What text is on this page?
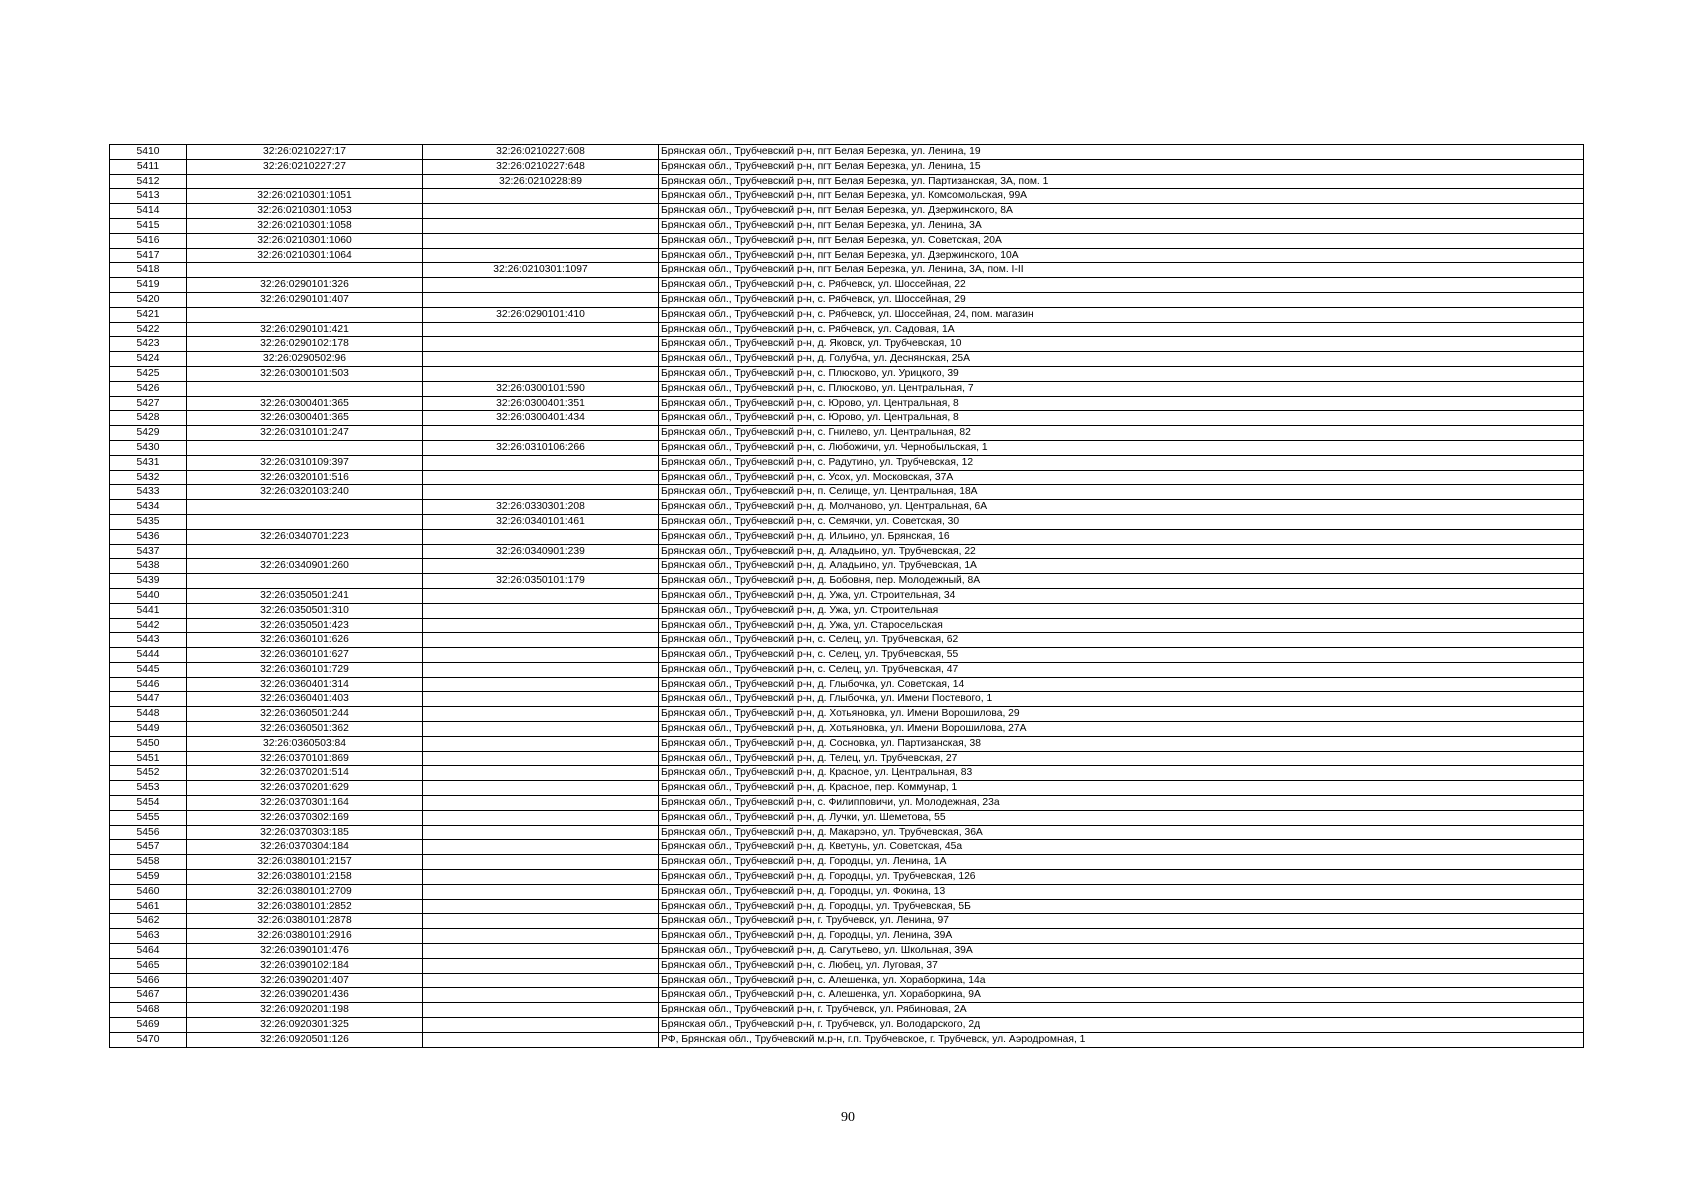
5410	32:26:0210227:17	32:26:0210227:608	Брянская обл., Трубчевский р-н, пгт Белая Березка, ул. Ленина, 19
5411	32:26:0210227:27	32:26:0210227:648	Брянская обл., Трубчевский р-н, пгт Белая Березка, ул. Ленина, 15
5412		32:26:0210228:89	Брянская обл., Трубчевский р-н, пгт Белая Березка, ул. Партизанская, 3А, пом. 1
5413	32:26:0210301:1051		Брянская обл., Трубчевский р-н, пгт Белая Березка, ул. Комсомольская, 99А
5414	32:26:0210301:1053		Брянская обл., Трубчевский р-н, пгт Белая Березка, ул. Дзержинского, 8А
5415	32:26:0210301:1058		Брянская обл., Трубчевский р-н, пгт Белая Березка, ул. Ленина, 3А
5416	32:26:0210301:1060		Брянская обл., Трубчевский р-н, пгт Белая Березка, ул. Советская, 20А
5417	32:26:0210301:1064		Брянская обл., Трубчевский р-н, пгт Белая Березка, ул. Дзержинского, 10А
5418		32:26:0210301:1097	Брянская обл., Трубчевский р-н, пгт Белая Березка, ул. Ленина, 3А, пом. I-II
5419	32:26:0290101:326		Брянская обл., Трубчевский р-н, с. Рябчевск, ул. Шоссейная, 22
5420	32:26:0290101:407		Брянская обл., Трубчевский р-н, с. Рябчевск, ул. Шоссейная, 29
5421		32:26:0290101:410	Брянская обл., Трубчевский р-н, с. Рябчевск, ул. Шоссейная, 24, пом. магазин
5422	32:26:0290101:421		Брянская обл., Трубчевский р-н, с. Рябчевск, ул. Садовая, 1А
5423	32:26:0290102:178		Брянская обл., Трубчевский р-н, д. Яковск, ул. Трубчевская, 10
5424	32:26:0290502:96		Брянская обл., Трубчевский р-н, д. Голубча, ул. Деснянская, 25А
5425	32:26:0300101:503		Брянская обл., Трубчевский р-н, с. Плюсково, ул. Урицкого, 39
5426		32:26:0300101:590	Брянская обл., Трубчевский р-н, с. Плюсково, ул. Центральная, 7
5427	32:26:0300401:365	32:26:0300401:351	Брянская обл., Трубчевский р-н, с. Юрово, ул. Центральная, 8
5428	32:26:0300401:365	32:26:0300401:434	Брянская обл., Трубчевский р-н, с. Юрово, ул. Центральная, 8
5429	32:26:0310101:247		Брянская обл., Трубчевский р-н, с. Гнилево, ул. Центральная, 82
5430		32:26:0310106:266	Брянская обл., Трубчевский р-н, с. Любожичи, ул. Чернобыльская, 1
5431	32:26:0310109:397		Брянская обл., Трубчевский р-н, с. Радутино, ул. Трубчевская, 12
5432	32:26:0320101:516		Брянская обл., Трубчевский р-н, с. Усох, ул. Московская, 37А
5433	32:26:0320103:240		Брянская обл., Трубчевский р-н, п. Селище, ул. Центральная, 18А
5434		32:26:0330301:208	Брянская обл., Трубчевский р-н, д. Молчаново, ул. Центральная, 6А
5435		32:26:0340101:461	Брянская обл., Трубчевский р-н, с. Семячки, ул. Советская, 30
5436	32:26:0340701:223		Брянская обл., Трубчевский р-н, д. Ильино, ул. Брянская, 16
5437		32:26:0340901:239	Брянская обл., Трубчевский р-н, д. Аладьино, ул. Трубчевская, 22
5438	32:26:0340901:260		Брянская обл., Трубчевский р-н, д. Аладьино, ул. Трубчевская, 1А
5439		32:26:0350101:179	Брянская обл., Трубчевский р-н, д. Бобовня, пер. Молодежный, 8А
5440	32:26:0350501:241		Брянская обл., Трубчевский р-н, д. Ужа, ул. Строительная, 34
5441	32:26:0350501:310		Брянская обл., Трубчевский р-н, д. Ужа, ул. Строительная
5442	32:26:0350501:423		Брянская обл., Трубчевский р-н, д. Ужа, ул. Старосельская
5443	32:26:0360101:626		Брянская обл., Трубчевский р-н, с. Селец, ул. Трубчевская, 62
5444	32:26:0360101:627		Брянская обл., Трубчевский р-н, с. Селец, ул. Трубчевская, 55
5445	32:26:0360101:729		Брянская обл., Трубчевский р-н, с. Селец, ул. Трубчевская, 47
5446	32:26:0360401:314		Брянская обл., Трубчевский р-н, д. Глыбочка, ул. Советская, 14
5447	32:26:0360401:403		Брянская обл., Трубчевский р-н, д. Глыбочка, ул. Имени Постевого, 1
5448	32:26:0360501:244		Брянская обл., Трубчевский р-н, д. Хотьяновка, ул. Имени Ворошилова, 29
5449	32:26:0360501:362		Брянская обл., Трубчевский р-н, д. Хотьяновка, ул. Имени Ворошилова, 27А
5450	32:26:0360503:84		Брянская обл., Трубчевский р-н, д. Сосновка, ул. Партизанская, 38
5451	32:26:0370101:869		Брянская обл., Трубчевский р-н, д. Телец, ул. Трубчевская, 27
5452	32:26:0370201:514		Брянская обл., Трубчевский р-н, д. Красное, ул. Центральная, 83
5453	32:26:0370201:629		Брянская обл., Трубчевский р-н, д. Красное, пер. Коммунар, 1
5454	32:26:0370301:164		Брянская обл., Трубчевский р-н, с. Филипповичи, ул. Молодежная, 23а
5455	32:26:0370302:169		Брянская обл., Трубчевский р-н, д. Лучки, ул. Шеметова, 55
5456	32:26:0370303:185		Брянская обл., Трубчевский р-н, д. Макарэно, ул. Трубчевская, 36А
5457	32:26:0370304:184		Брянская обл., Трубчевский р-н, д. Кветунь, ул. Советская, 45а
5458	32:26:0380101:2157		Брянская обл., Трубчевский р-н, д. Городцы, ул. Ленина, 1А
5459	32:26:0380101:2158		Брянская обл., Трубчевский р-н, д. Городцы, ул. Трубчевская, 126
5460	32:26:0380101:2709		Брянская обл., Трубчевский р-н, д. Городцы, ул. Фокина, 13
5461	32:26:0380101:2852		Брянская обл., Трубчевский р-н, д. Городцы, ул. Трубчевская, 5Б
5462	32:26:0380101:2878		Брянская обл., Трубчевский р-н, г. Трубчевск, ул. Ленина, 97
5463	32:26:0380101:2916		Брянская обл., Трубчевский р-н, д. Городцы, ул. Ленина, 39А
5464	32:26:0390101:476		Брянская обл., Трубчевский р-н, д. Сагутьево, ул. Школьная, 39А
5465	32:26:0390102:184		Брянская обл., Трубчевский р-н, с. Любец, ул. Луговая, 37
5466	32:26:0390201:407		Брянская обл., Трубчевский р-н, с. Алешенка, ул. Хораборкина, 14а
5467	32:26:0390201:436		Брянская обл., Трубчевский р-н, с. Алешенка, ул. Хораборкина, 9А
5468	32:26:0920201:198		Брянская обл., Трубчевский р-н, г. Трубчевск, ул. Рябиновая, 2А
5469	32:26:0920301:325		Брянская обл., Трубчевский р-н, г. Трубчевск, ул. Володарского, 2д
5470	32:26:0920501:126		РФ, Брянская обл., Трубчевский м.р-н, г.п. Трубчевское, г. Трубчевск, ул. Аэродромная, 1
90
